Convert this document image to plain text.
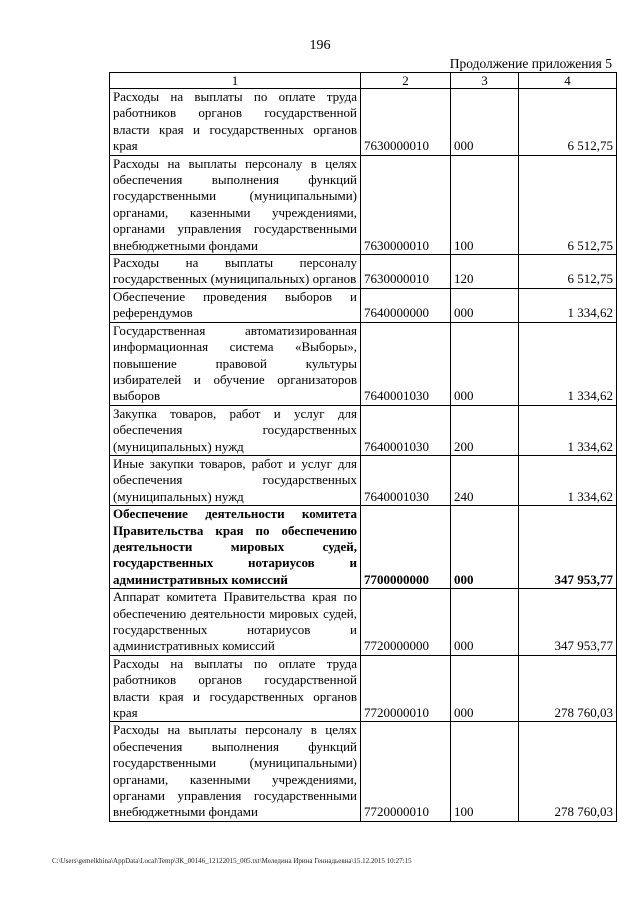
196
Продолжение приложения 5
1	2	3	4
Расходы на выплаты по оплате труда работников органов государственной власти края и государственных органов края	7630000010	000	6 512,75
Расходы на выплаты персоналу в целях обеспечения выполнения функций государственными (муниципальными) органами, казенными учреждениями, органами управления государственными внебюджетными фондами	7630000010	100	6 512,75
Расходы на выплаты персоналу государственных (муниципальных) органов	7630000010	120	6 512,75
Обеспечение проведения выборов и референдумов	7640000000	000	1 334,62
Государственная автоматизированная информационная система «Выборы», повышение правовой культуры избирателей и обучение организаторов выборов	7640001030	000	1 334,62
Закупка товаров, работ и услуг для обеспечения государственных (муниципальных) нужд	7640001030	200	1 334,62
Иные закупки товаров, работ и услуг для обеспечения государственных (муниципальных) нужд	7640001030	240	1 334,62
Обеспечение деятельности комитета Правительства края по обеспечению деятельности мировых судей, государственных нотариусов и административных комиссий	7700000000	000	347 953,77
Аппарат комитета Правительства края по обеспечению деятельности мировых судей, государственных нотариусов и административных комиссий	7720000000	000	347 953,77
Расходы на выплаты по оплате труда работников органов государственной власти края и государственных органов края	7720000010	000	278 760,03
Расходы на выплаты персоналу в целях обеспечения выполнения функций государственными (муниципальными) органами, казенными учреждениями, органами управления государственными внебюджетными фондами	7720000010	100	278 760,03
C:\Users\gemelkhina\AppData\Local\Temp\ЗК_00146_12122015_005.txt\Меледина Ирина Геннадьевна\15.12.2015 10:27:15
